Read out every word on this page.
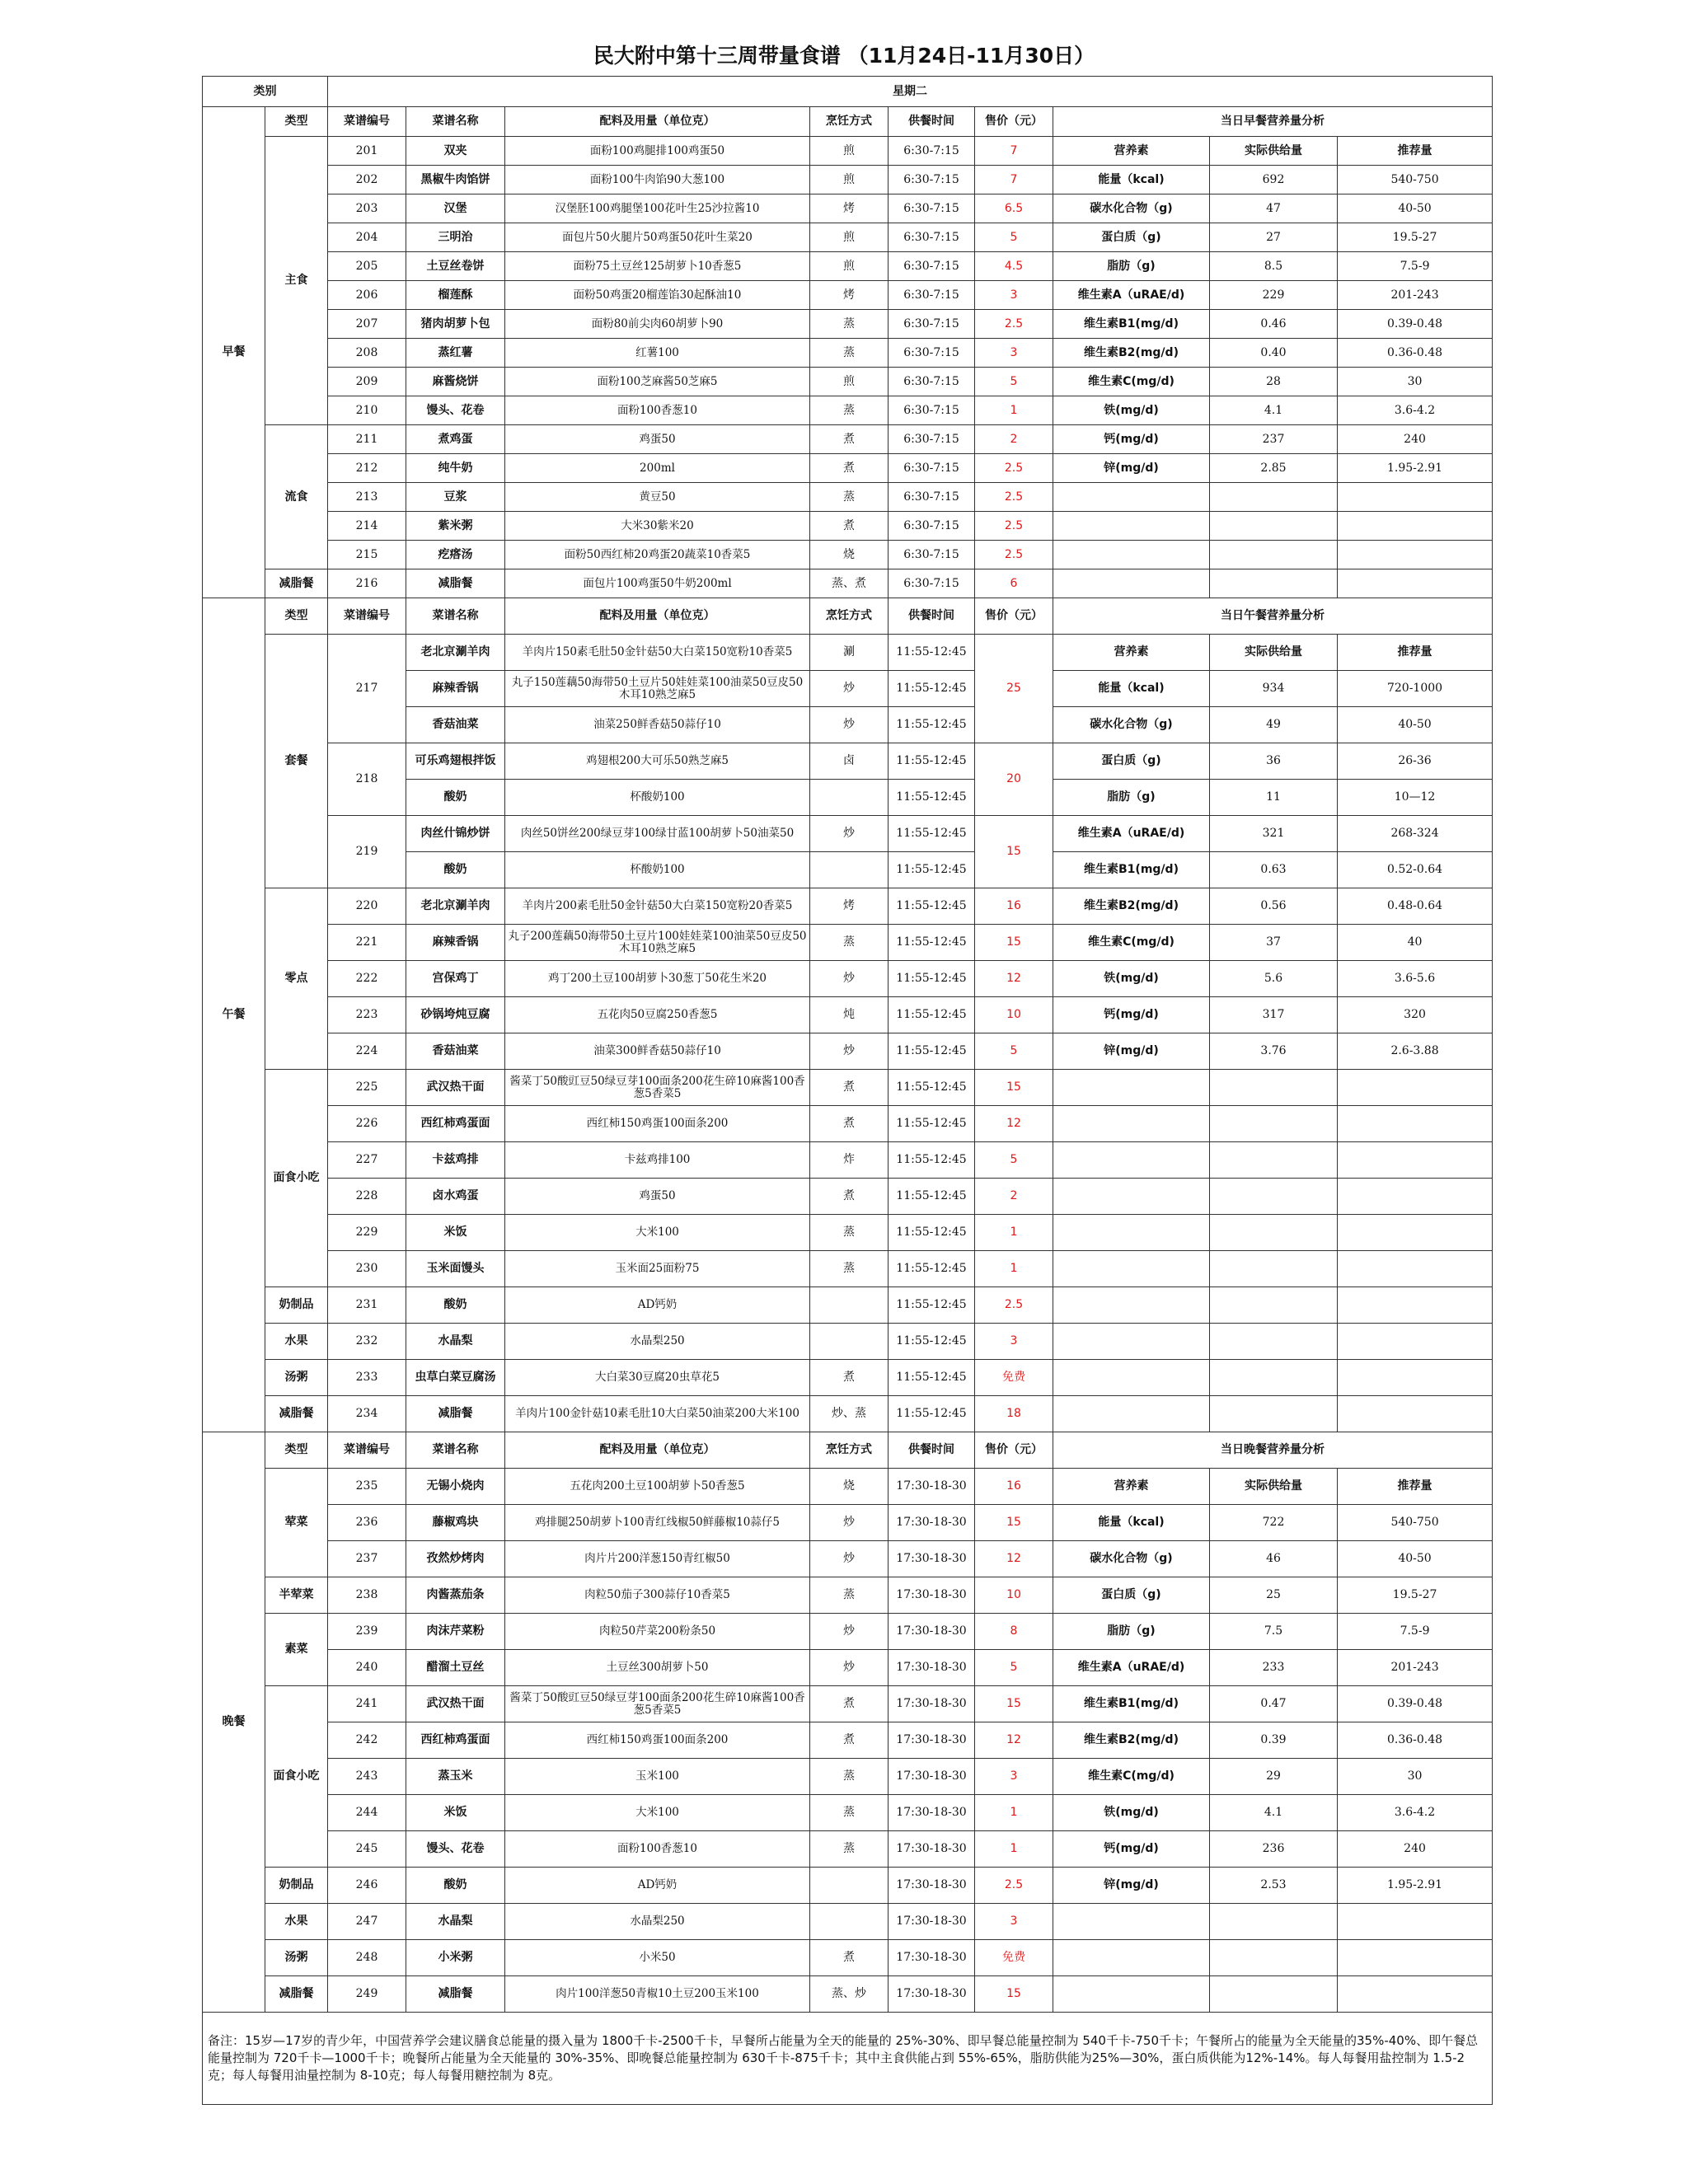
民大附中第十三周带量食谱 （11月24日-11月30日）
类别		星期二								
早餐	类型	菜谱编号	菜谱名称	配料及用量（单位克）	烹饪方式	供餐时间	售价（元）	当日早餐营养量分析		
	主食	201	双夹	面粉100鸡腿排100鸡蛋50	煎	6:30-7:15	7	营养素	实际供给量	推荐量
		202	黑椒牛肉馅饼	面粉100牛肉馅90大葱100	煎	6:30-7:15	7	能量（kcal)	692	540-750
		203	汉堡	汉堡胚100鸡腿堡100花叶生25沙拉酱10	烤	6:30-7:15	6.5	碳水化合物（g)	47	40-50
		204	三明治	面包片50火腿片50鸡蛋50花叶生菜20	煎	6:30-7:15	5	蛋白质（g)	27	19.5-27
		205	土豆丝卷饼	面粉75土豆丝125胡萝卜10香葱5	煎	6:30-7:15	4.5	脂肪（g)	8.5	7.5-9
		206	榴莲酥	面粉50鸡蛋20榴莲馅30起酥油10	烤	6:30-7:15	3	维生素A（uRAE/d)	229	201-243
		207	猪肉胡萝卜包	面粉80前尖肉60胡萝卜90	蒸	6:30-7:15	2.5	维生素B1(mg/d)	0.46	0.39-0.48
		208	蒸红薯	红薯100	蒸	6:30-7:15	3	维生素B2(mg/d)	0.40	0.36-0.48
		209	麻酱烧饼	面粉100芝麻酱50芝麻5	煎	6:30-7:15	5	维生素C(mg/d)	28	30
		210	馒头、花卷	面粉100香葱10	蒸	6:30-7:15	1	铁(mg/d)	4.1	3.6-4.2
	流食	211	煮鸡蛋	鸡蛋50	煮	6:30-7:15	2	钙(mg/d)	237	240
		212	纯牛奶	200ml	煮	6:30-7:15	2.5	锌(mg/d)	2.85	1.95-2.91
		213	豆浆	黄豆50	蒸	6:30-7:15	2.5			
		214	紫米粥	大米30紫米20	煮	6:30-7:15	2.5			
		215	疙瘩汤	面粉50西红柿20鸡蛋20蔬菜10香菜5	烧	6:30-7:15	2.5			
	减脂餐	216	减脂餐	面包片100鸡蛋50牛奶200ml	蒸、煮	6:30-7:15	6			
午餐	类型	菜谱编号	菜谱名称	配料及用量（单位克）	烹饪方式	供餐时间	售价（元）	当日午餐营养量分析		
	套餐	217	老北京涮羊肉	羊肉片150素毛肚50金针菇50大白菜150宽粉10香菜5	涮	11:55-12:45	25	营养素	实际供给量	推荐量
			麻辣香锅	丸子150莲藕50海带50土豆片50娃娃菜100油菜50豆皮50木耳10熟芝麻5	炒	11:55-12:45		能量（kcal)	934	720-1000
			香菇油菜	油菜250鲜香菇50蒜仔10	炒	11:55-12:45		碳水化合物（g)	49	40-50
		218	可乐鸡翅根拌饭	鸡翅根200大可乐50熟芝麻5	卤	11:55-12:45	20	蛋白质（g)	36	26-36
			酸奶	杯酸奶100		11:55-12:45		脂肪（g)	11	10—12
		219	肉丝什锦炒饼	肉丝50饼丝200绿豆芽100绿甘蓝100胡萝卜50油菜50	炒	11:55-12:45	15	维生素A（uRAE/d)	321	268-324
			酸奶	杯酸奶100		11:55-12:45		维生素B1(mg/d)	0.63	0.52-0.64
	零点	220	老北京涮羊肉	羊肉片200素毛肚50金针菇50大白菜150宽粉20香菜5	烤	11:55-12:45	16	维生素B2(mg/d)	0.56	0.48-0.64
		221	麻辣香锅	丸子200莲藕50海带50土豆片100娃娃菜100油菜50豆皮50木耳10熟芝麻5	蒸	11:55-12:45	15	维生素C(mg/d)	37	40
		222	宫保鸡丁	鸡丁200土豆100胡萝卜30葱丁50花生米20	炒	11:55-12:45	12	铁(mg/d)	5.6	3.6-5.6
		223	砂锅垮炖豆腐	五花肉50豆腐250香葱5	炖	11:55-12:45	10	钙(mg/d)	317	320
		224	香菇油菜	油菜300鲜香菇50蒜仔10	炒	11:55-12:45	5	锌(mg/d)	3.76	2.6-3.88
	面食小吃	225	武汉热干面	酱菜丁50酸豇豆50绿豆芽100面条200花生碎10麻酱100香葱5香菜5	煮	11:55-12:45	15			
		226	西红柿鸡蛋面	西红柿150鸡蛋100面条200	煮	11:55-12:45	12			
		227	卡兹鸡排	卡兹鸡排100	炸	11:55-12:45	5			
		228	卤水鸡蛋	鸡蛋50	煮	11:55-12:45	2			
		229	米饭	大米100	蒸	11:55-12:45	1			
		230	玉米面馒头	玉米面25面粉75	蒸	11:55-12:45	1			
	奶制品	231	酸奶	AD钙奶		11:55-12:45	2.5			
	水果	232	水晶梨	水晶梨250		11:55-12:45	3			
	汤粥	233	虫草白菜豆腐汤	大白菜30豆腐20虫草花5	煮	11:55-12:45	免费			
	减脂餐	234	减脂餐	羊肉片100金针菇10素毛肚10大白菜50油菜200大米100	炒、蒸	11:55-12:45	18			
晚餐	类型	菜谱编号	菜谱名称	配料及用量（单位克）	烹饪方式	供餐时间	售价（元）	当日晚餐营养量分析		
	荤菜	235	无锡小烧肉	五花肉200土豆100胡萝卜50香葱5	烧	17:30-18-30	16	营养素	实际供给量	推荐量
		236	藤椒鸡块	鸡排腿250胡萝卜100青红线椒50鲜藤椒10蒜仔5	炒	17:30-18-30	15	能量（kcal)	722	540-750
		237	孜然炒烤肉	肉片片200洋葱150青红椒50	炒	17:30-18-30	12	碳水化合物（g)	46	40-50
	半荤菜	238	肉酱蒸茄条	肉粒50茄子300蒜仔10香菜5	蒸	17:30-18-30	10	蛋白质（g)	25	19.5-27
	素菜	239	肉沫芹菜粉	肉粒50芹菜200粉条50	炒	17:30-18-30	8	脂肪（g)	7.5	7.5-9
		240	醋溜土豆丝	土豆丝300胡萝卜50	炒	17:30-18-30	5	维生素A（uRAE/d)	233	201-243
	面食小吃	241	武汉热干面	酱菜丁50酸豇豆50绿豆芽100面条200花生碎10麻酱100香葱5香菜5	煮	17:30-18-30	15	维生素B1(mg/d)	0.47	0.39-0.48
		242	西红柿鸡蛋面	西红柿150鸡蛋100面条200	煮	17:30-18-30	12	维生素B2(mg/d)	0.39	0.36-0.48
		243	蒸玉米	玉米100	蒸	17:30-18-30	3	维生素C(mg/d)	29	30
		244	米饭	大米100	蒸	17:30-18-30	1	铁(mg/d)	4.1	3.6-4.2
		245	馒头、花卷	面粉100香葱10	蒸	17:30-18-30	1	钙(mg/d)	236	240
	奶制品	246	酸奶	AD钙奶		17:30-18-30	2.5	锌(mg/d)	2.53	1.95-2.91
	水果	247	水晶梨	水晶梨250		17:30-18-30	3			
	汤粥	248	小米粥	小米50	煮	17:30-18-30	免费			
	减脂餐	249	减脂餐	肉片100洋葱50青椒10土豆200玉米100	蒸、炒	17:30-18-30	15			
备注：15岁—17岁的青少年，中国营养学会建议膳食总能量的摄入量为 1800千卡-2500千卡，早餐所占能量为全天的能量的 25%-30%、即早餐总能量控制为 540千卡-750千卡；午餐所占的能量为全天能量的35%-40%、即午餐总能量控制为 720千卡—1000千卡；晚餐所占能量为全天能量的 30%-35%、即晚餐总能量控制为 630千卡-875千卡；其中主食供能占到 55%-65%，脂肪供能为25%—30%，蛋白质供能为12%-14%。每人每餐用盐控制为 1.5-2克；每人每餐用油量控制为 8-10克；每人每餐用糖控制为 8克。										
